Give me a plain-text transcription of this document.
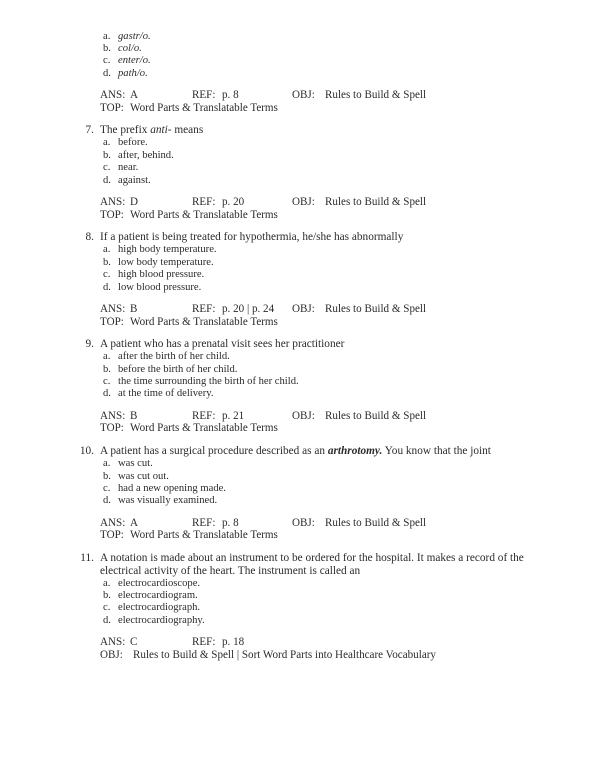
a. gastr/o.
b. col/o.
c. enter/o.
d. path/o.
ANS: A	REF: p. 8	OBJ: Rules to Build & Spell
TOP: Word Parts & Translatable Terms
7. The prefix anti- means
a. before.
b. after, behind.
c. near.
d. against.
ANS: D	REF: p. 20	OBJ: Rules to Build & Spell
TOP: Word Parts & Translatable Terms
8. If a patient is being treated for hypothermia, he/she has abnormally
a. high body temperature.
b. low body temperature.
c. high blood pressure.
d. low blood pressure.
ANS: B	REF: p. 20 | p. 24 OBJ: Rules to Build & Spell
TOP: Word Parts & Translatable Terms
9. A patient who has a prenatal visit sees her practitioner
a. after the birth of her child.
b. before the birth of her child.
c. the time surrounding the birth of her child.
d. at the time of delivery.
ANS: B	REF: p. 21	OBJ: Rules to Build & Spell
TOP: Word Parts & Translatable Terms
10. A patient has a surgical procedure described as an arthrotomy. You know that the joint
a. was cut.
b. was cut out.
c. had a new opening made.
d. was visually examined.
ANS: A	REF: p. 8	OBJ: Rules to Build & Spell
TOP: Word Parts & Translatable Terms
11. A notation is made about an instrument to be ordered for the hospital. It makes a record of the electrical activity of the heart. The instrument is called an
a. electrocardioscope.
b. electrocardiogram.
c. electrocardiograph.
d. electrocardiography.
ANS: C	REF: p. 18
OBJ: Rules to Build & Spell | Sort Word Parts into Healthcare Vocabulary
